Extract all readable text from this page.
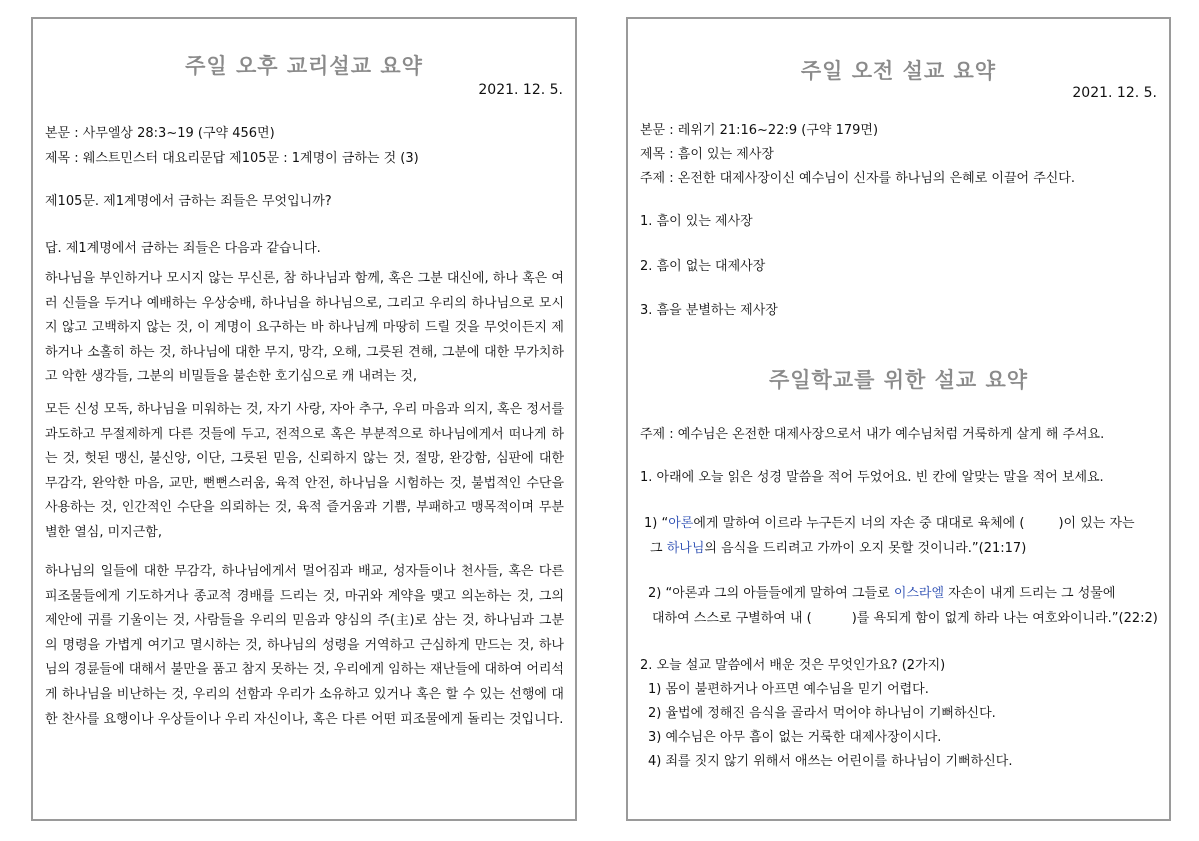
주일 오후 교리설교 요약
2021. 12. 5.
본문 : 사무엘상 28:3~19 (구약 456면)
제목 : 웨스트민스터 대요리문답 제105문 : 1계명이 금하는 것 (3)
제105문. 제1계명에서 금하는 죄들은 무엇입니까?
답. 제1계명에서 금하는 죄들은 다음과 같습니다.
하나님을 부인하거나 모시지 않는 무신론, 참 하나님과 함께, 혹은 그분 대신에, 하나 혹은 여러 신들을 두거나 예배하는 우상숭배, 하나님을 하나님으로, 그리고 우리의 하나님으로 모시지 않고 고백하지 않는 것, 이 계명이 요구하는 바 하나님께 마땅히 드릴 것을 무엇이든지 제하거나 소홀히 하는 것, 하나님에 대한 무지, 망각, 오해, 그릇된 견해, 그분에 대한 무가치하고 악한 생각들, 그분의 비밀들을 불손한 호기심으로 캐 내려는 것,
모든 신성 모독, 하나님을 미워하는 것, 자기 사랑, 자아 추구, 우리 마음과 의지, 혹은 정서를 과도하고 무절제하게 다른 것들에 두고, 전적으로 혹은 부분적으로 하나님에게서 떠나게 하는 것, 헛된 맹신, 불신앙, 이단, 그릇된 믿음, 신뢰하지 않는 것, 절망, 완강함, 심판에 대한 무감각, 완악한 마음, 교만, 뻔뻔스러움, 육적 안전, 하나님을 시험하는 것, 불법적인 수단을 사용하는 것, 인간적인 수단을 의뢰하는 것, 육적 즐거움과 기쁨, 부패하고 맹목적이며 무분별한 열심, 미지근함,
하나님의 일들에 대한 무감각, 하나님에게서 멀어짐과 배교, 성자들이나 천사들, 혹은 다른 피조물들에게 기도하거나 종교적 경배를 드리는 것, 마귀와 계약을 맺고 의논하는 것, 그의 제안에 귀를 기울이는 것, 사람들을 우리의 믿음과 양심의 주(主)로 삼는 것, 하나님과 그분의 명령을 가볍게 여기고 멸시하는 것, 하나님의 성령을 거역하고 근심하게 만드는 것, 하나님의 경륜들에 대해서 불만을 품고 참지 못하는 것, 우리에게 임하는 재난들에 대하여 어리석게 하나님을 비난하는 것, 우리의 선함과 우리가 소유하고 있거나 혹은 할 수 있는 선행에 대한 찬사를 요행이나 우상들이나 우리 자신이나, 혹은 다른 어떤 피조물에게 돌리는 것입니다.
주일 오전 설교 요약
2021. 12. 5.
본문 : 레위기 21:16~22:9 (구약 179면)
제목 : 흠이 있는 제사장
주제 : 온전한 대제사장이신 예수님이 신자를 하나님의 은혜로 이끌어 주신다.
1. 흠이 있는 제사장
2. 흠이 없는 대제사장
3. 흠을 분별하는 제사장
주일학교를 위한 설교 요약
주제 : 예수님은 온전한 대제사장으로서 내가 예수님처럼 거룩하게 살게 해 주셔요.
1. 아래에 오늘 읽은 성경 말씀을 적어 두었어요. 빈 칸에 알맞는 말을 적어 보세요.
1) “아론에게 말하여 이르라 누구든지 너의 자손 중 대대로 육체에 (	)이 있는 자는
그 하나님의 음식을 드리려고 가까이 오지 못할 것이니라.”(21:17)
2) “아론과 그의 아들들에게 말하여 그들로 이스라엘 자손이 내게 드리는 그 성물에
대하여 스스로 구별하여 내 (	)를 욕되게 함이 없게 하라 나는 여호와이니라.”(22:2)
2. 오늘 설교 말씀에서 배운 것은 무엇인가요? (2가지)
1) 몸이 불편하거나 아프면 예수님을 믿기 어렵다.
2) 율법에 정해진 음식을 골라서 먹어야 하나님이 기뻐하신다.
3) 예수님은 아무 흠이 없는 거룩한 대제사장이시다.
4) 죄를 짓지 않기 위해서 애쓰는 어린이를 하나님이 기뻐하신다.
